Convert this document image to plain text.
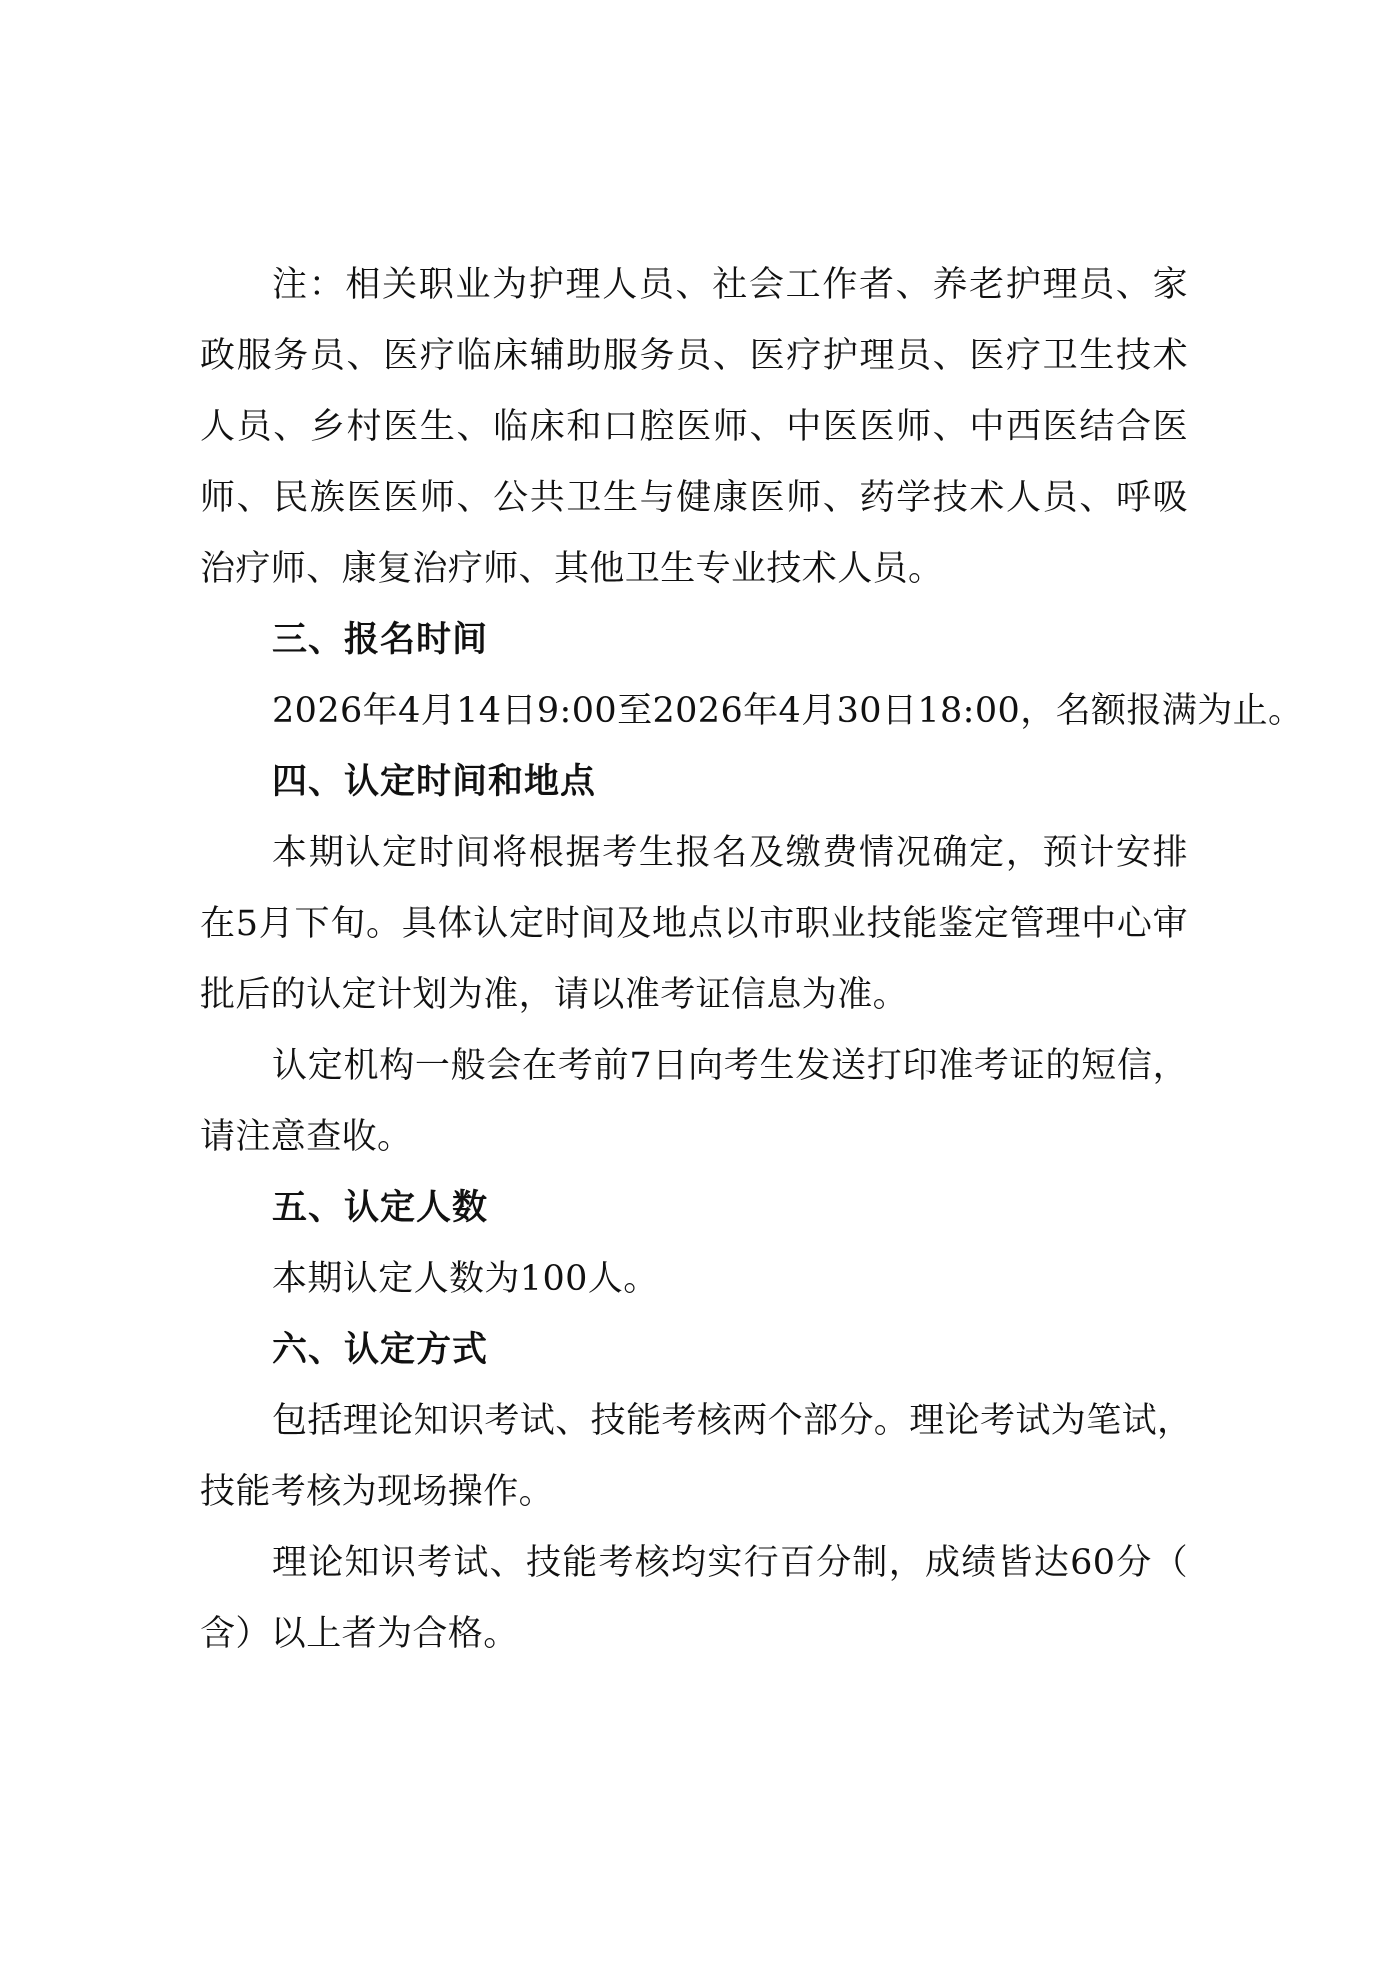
注：相关职业为护理人员、社会工作者、养老护理员、家
政服务员、医疗临床辅助服务员、医疗护理员、医疗卫生技术
人员、乡村医生、临床和口腔医师、中医医师、中西医结合医
师、民族医医师、公共卫生与健康医师、药学技术人员、呼吸
治疗师、康复治疗师、其他卫生专业技术人员。
三、报名时间
2026年4月14日9:00至2026年4月30日18:00，名额报满为止。
四、认定时间和地点
本期认定时间将根据考生报名及缴费情况确定，预计安排
在5月下旬。具体认定时间及地点以市职业技能鉴定管理中心审
批后的认定计划为准，请以准考证信息为准。
认定机构一般会在考前7日向考生发送打印准考证的短信，
请注意查收。
五、认定人数
本期认定人数为100人。
六、认定方式
包括理论知识考试、技能考核两个部分。理论考试为笔试，
技能考核为现场操作。
理论知识考试、技能考核均实行百分制，成绩皆达60分（
含）以上者为合格。
